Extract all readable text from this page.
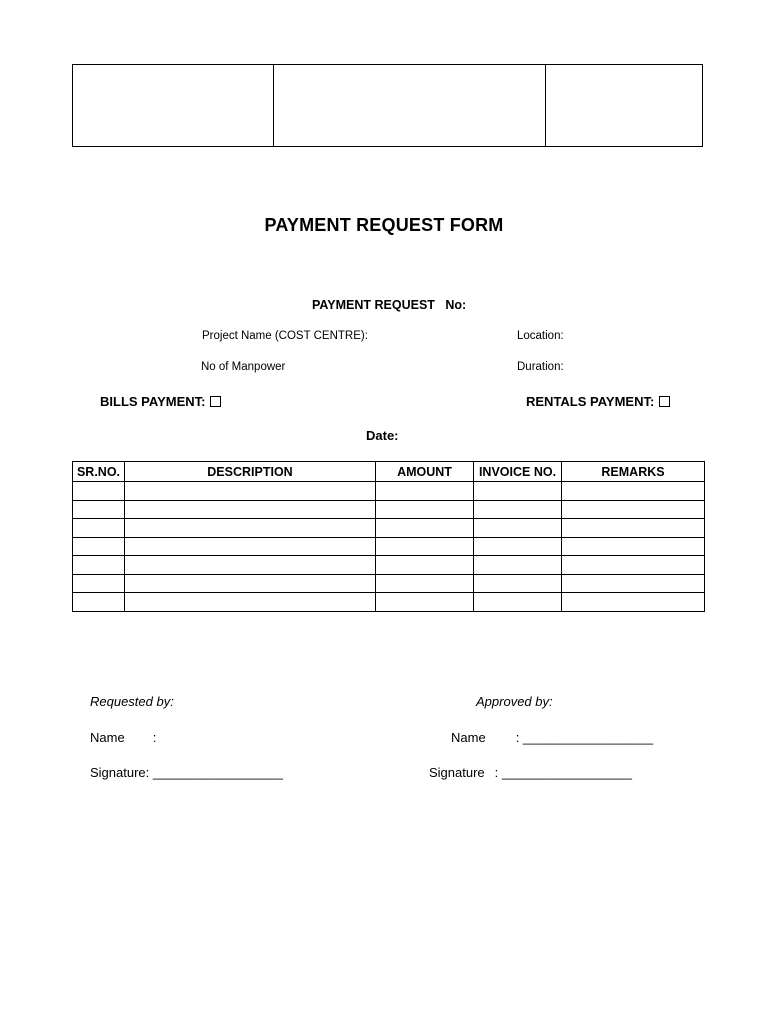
PAYMENT REQUEST FORM
PAYMENT REQUEST   No:
Project Name (COST CENTRE):	Location:
No of Manpower	Duration:
BILLS PAYMENT:	RENTALS PAYMENT:
Date:
SR.NO.	DESCRIPTION	AMOUNT	INVOICE NO.	REMARKS

Requested by:	Approved by:
Name :	Name : __________________
Signature: __________________	Signature : __________________
